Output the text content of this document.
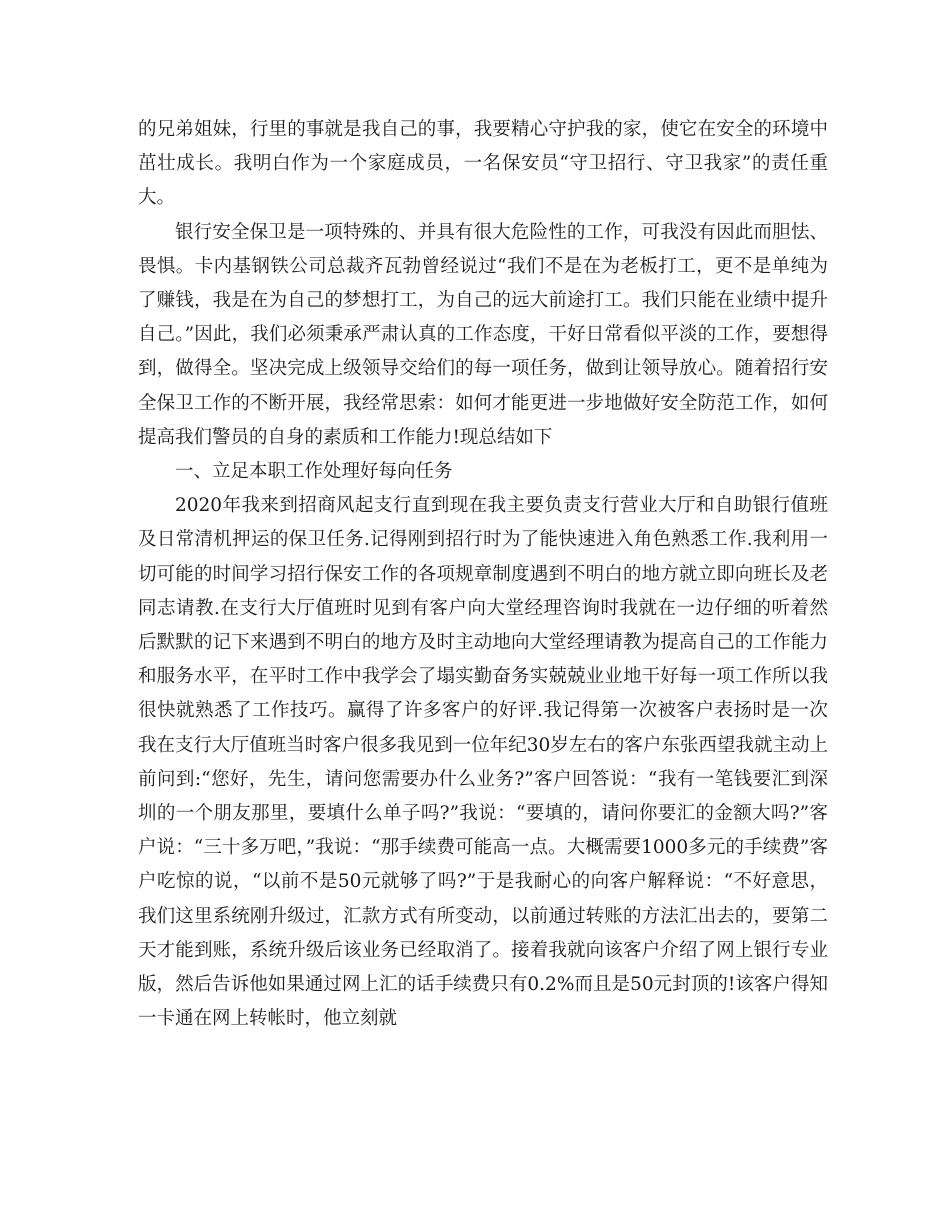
的兄弟姐妹，行里的事就是我自己的事，我要精心守护我的家，使它在安全的环境中茁壮成长。我明白作为一个家庭成员，一名保安员“守卫招行、守卫我家”的责任重大。

银行安全保卫是一项特殊的、并具有很大危险性的工作，可我没有因此而胆怯、畏惧。卡内基钢铁公司总裁齐瓦勃曾经说过“我们不是在为老板打工，更不是单纯为了赚钱，我是在为自己的梦想打工，为自己的远大前途打工。我们只能在业绩中提升自己。”因此，我们必须秉承严肃认真的工作态度，干好日常看似平淡的工作，要想得到，做得全。坚决完成上级领导交给们的每一项任务，做到让领导放心。随着招行安全保卫工作的不断开展，我经常思索：如何才能更进一步地做好安全防范工作，如何提高我们警员的自身的素质和工作能力!现总结如下

一、立足本职工作处理好每向任务

2020年我来到招商风起支行直到现在我主要负责支行营业大厅和自助银行值班及日常清机押运的保卫任务.记得刚到招行时为了能快速进入角色熟悉工作.我利用一切可能的时间学习招行保安工作的各项规章制度遇到不明白的地方就立即向班长及老同志请教.在支行大厅值班时见到有客户向大堂经理咨询时我就在一边仔细的听着然后默默的记下来遇到不明白的地方及时主动地向大堂经理请教为提高自己的工作能力和服务水平，在平时工作中我学会了塌实勤奋务实兢兢业业地干好每一项工作所以我很快就熟悉了工作技巧。赢得了许多客户的好评.我记得第一次被客户表扬时是一次我在支行大厅值班当时客户很多我见到一位年纪30岁左右的客户东张西望我就主动上前问到:“您好，先生，请问您需要办什么业务?”客户回答说：“我有一笔钱要汇到深圳的一个朋友那里，要填什么单子吗?”我说：“要填的，请问你要汇的金额大吗?”客户说：“三十多万吧，”我说：“那手续费可能高一点。大概需要1000多元的手续费”客户吃惊的说，“以前不是50元就够了吗?”于是我耐心的向客户解释说：“不好意思，我们这里系统刚升级过，汇款方式有所变动，以前通过转账的方法汇出去的，要第二天才能到账，系统升级后该业务已经取消了。接着我就向该客户介绍了网上银行专业版，然后告诉他如果通过网上汇的话手续费只有0.2%而且是50元封顶的!该客户得知一卡通在网上转帐时，他立刻就
